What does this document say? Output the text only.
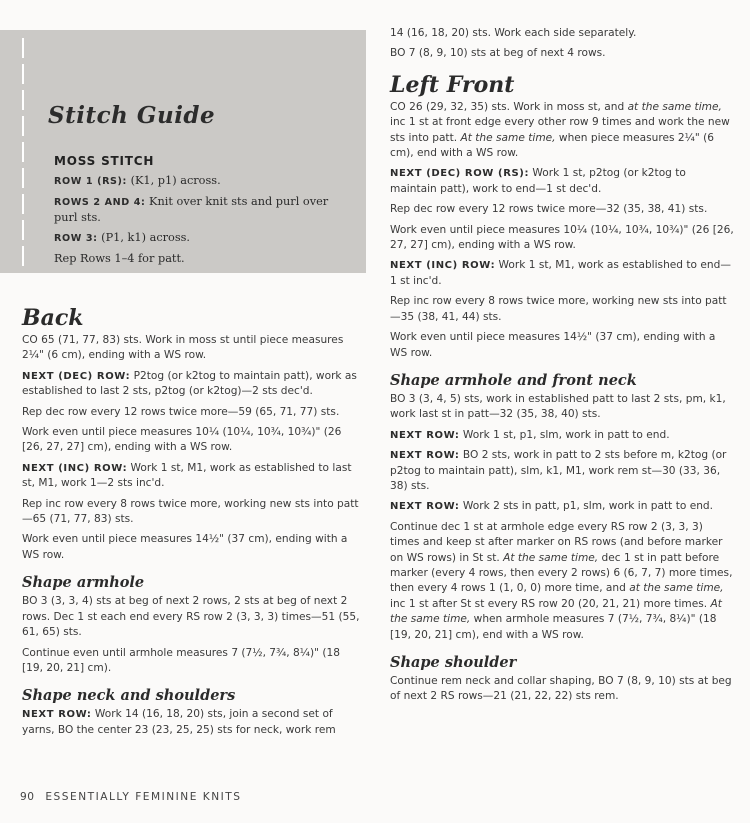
Stitch Guide

MOSS STITCH

ROW 1 (RS): (K1, p1) across.

ROWS 2 AND 4: Knit over knit sts and purl over purl sts.

ROW 3: (P1, k1) across.

Rep Rows 1–4 for patt.

Back

CO 65 (71, 77, 83) sts. Work in moss st until piece measures 2¼" (6 cm), ending with a WS row.

NEXT (DEC) ROW: P2tog (or k2tog to maintain patt), work as established to last 2 sts, p2tog (or k2tog)—2 sts dec'd.

Rep dec row every 12 rows twice more—59 (65, 71, 77) sts.

Work even until piece measures 10¼ (10¼, 10¾, 10¾)" (26 [26, 27, 27] cm), ending with a WS row.

NEXT (INC) ROW: Work 1 st, M1, work as established to last st, M1, work 1—2 sts inc'd.

Rep inc row every 8 rows twice more, working new sts into patt—65 (71, 77, 83) sts.

Work even until piece measures 14½" (37 cm), ending with a WS row.

Shape armhole

BO 3 (3, 3, 4) sts at beg of next 2 rows, 2 sts at beg of next 2 rows. Dec 1 st each end every RS row 2 (3, 3, 3) times—51 (55, 61, 65) sts.

Continue even until armhole measures 7 (7½, 7¾, 8¼)" (18 [19, 20, 21] cm).

Shape neck and shoulders

NEXT ROW: Work 14 (16, 18, 20) sts, join a second set of yarns, BO the center 23 (23, 25, 25) sts for neck, work rem

14 (16, 18, 20) sts. Work each side separately.

BO 7 (8, 9, 10) sts at beg of next 4 rows.

Left Front

CO 26 (29, 32, 35) sts. Work in moss st, and at the same time, inc 1 st at front edge every other row 9 times and work the new sts into patt. At the same time, when piece measures 2¼" (6 cm), end with a WS row.

NEXT (DEC) ROW (RS): Work 1 st, p2tog (or k2tog to maintain patt), work to end—1 st dec'd.

Rep dec row every 12 rows twice more—32 (35, 38, 41) sts.

Work even until piece measures 10¼ (10¼, 10¾, 10¾)" (26 [26, 27, 27] cm), ending with a WS row.

NEXT (INC) ROW: Work 1 st, M1, work as established to end—1 st inc'd.

Rep inc row every 8 rows twice more, working new sts into patt—35 (38, 41, 44) sts.

Work even until piece measures 14½" (37 cm), ending with a WS row.

Shape armhole and front neck

BO 3 (3, 4, 5) sts, work in established patt to last 2 sts, pm, k1, work last st in patt—32 (35, 38, 40) sts.

NEXT ROW: Work 1 st, p1, slm, work in patt to end.

NEXT ROW: BO 2 sts, work in patt to 2 sts before m, k2tog (or p2tog to maintain patt), slm, k1, M1, work rem st—30 (33, 36, 38) sts.

NEXT ROW: Work 2 sts in patt, p1, slm, work in patt to end.

Continue dec 1 st at armhole edge every RS row 2 (3, 3, 3) times and keep st after marker on RS rows (and before marker on WS rows) in St st. At the same time, dec 1 st in patt before marker (every 4 rows, then every 2 rows) 6 (6, 7, 7) more times, then every 4 rows 1 (1, 0, 0) more time, and at the same time, inc 1 st after St st every RS row 20 (20, 21, 21) more times. At the same time, when armhole measures 7 (7½, 7¾, 8¼)" (18 [19, 20, 21] cm), end with a WS row.

Shape shoulder

Continue rem neck and collar shaping, BO 7 (8, 9, 10) sts at beg of next 2 RS rows—21 (21, 22, 22) sts rem.

90 ESSENTIALLY FEMININE KNITS
